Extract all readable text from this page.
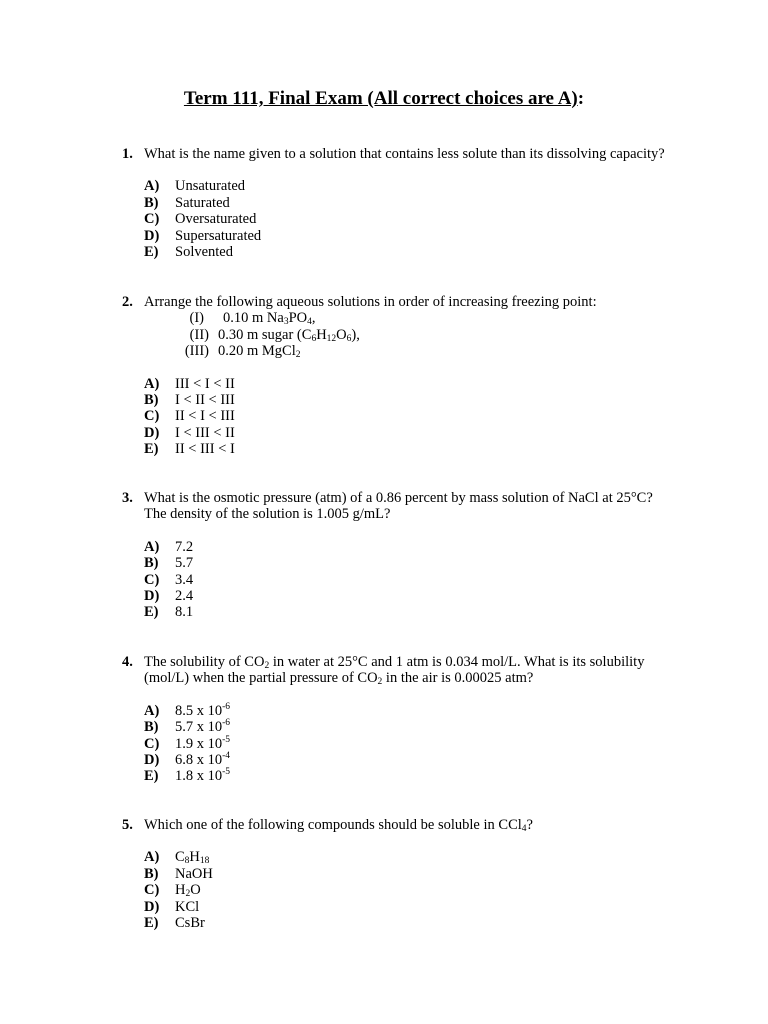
Term 111, Final Exam (All correct choices are A):
1. What is the name given to a solution that contains less solute than its dissolving capacity?
A) Unsaturated
B) Saturated
C) Oversaturated
D) Supersaturated
E) Solvented
2. Arrange the following aqueous solutions in order of increasing freezing point:
(I) 0.10 m $Na_3PO_4$,
(II) 0.30 m sugar $(C_6H_{12}O_6)$,
(III) 0.20 m MgCl$_2$
A) III < I < II
B) I < II < III
C) II < I < III
D) I < III < II
E) II < III < I
3. What is the osmotic pressure (atm) of a 0.86 percent by mass solution of NaCl at 25°C?
The density of the solution is 1.005 g/mL?
A) 7.2
B) 5.7
C) 3.4
D) 2.4
E) 8.1
4. The solubility of $CO_2$ in water at 25°C and 1 atm is 0.034 mol/L. What is its solubility
(mol/L) when the partial pressure of $CO_2$ in the air is 0.00025 atm?
A) 8.5 x $10^{-6}$
B) 5.7 x $10^{-6}$
C) 1.9 x $10^{-5}$
D) 6.8 x $10^{-4}$
E) 1.8 x $10^{-5}$
5. Which one of the following compounds should be soluble in CCl$_4$?
A) $C_8H_{18}$
B) NaOH
C) $H_2O$
D) KCl
E) CsBr
